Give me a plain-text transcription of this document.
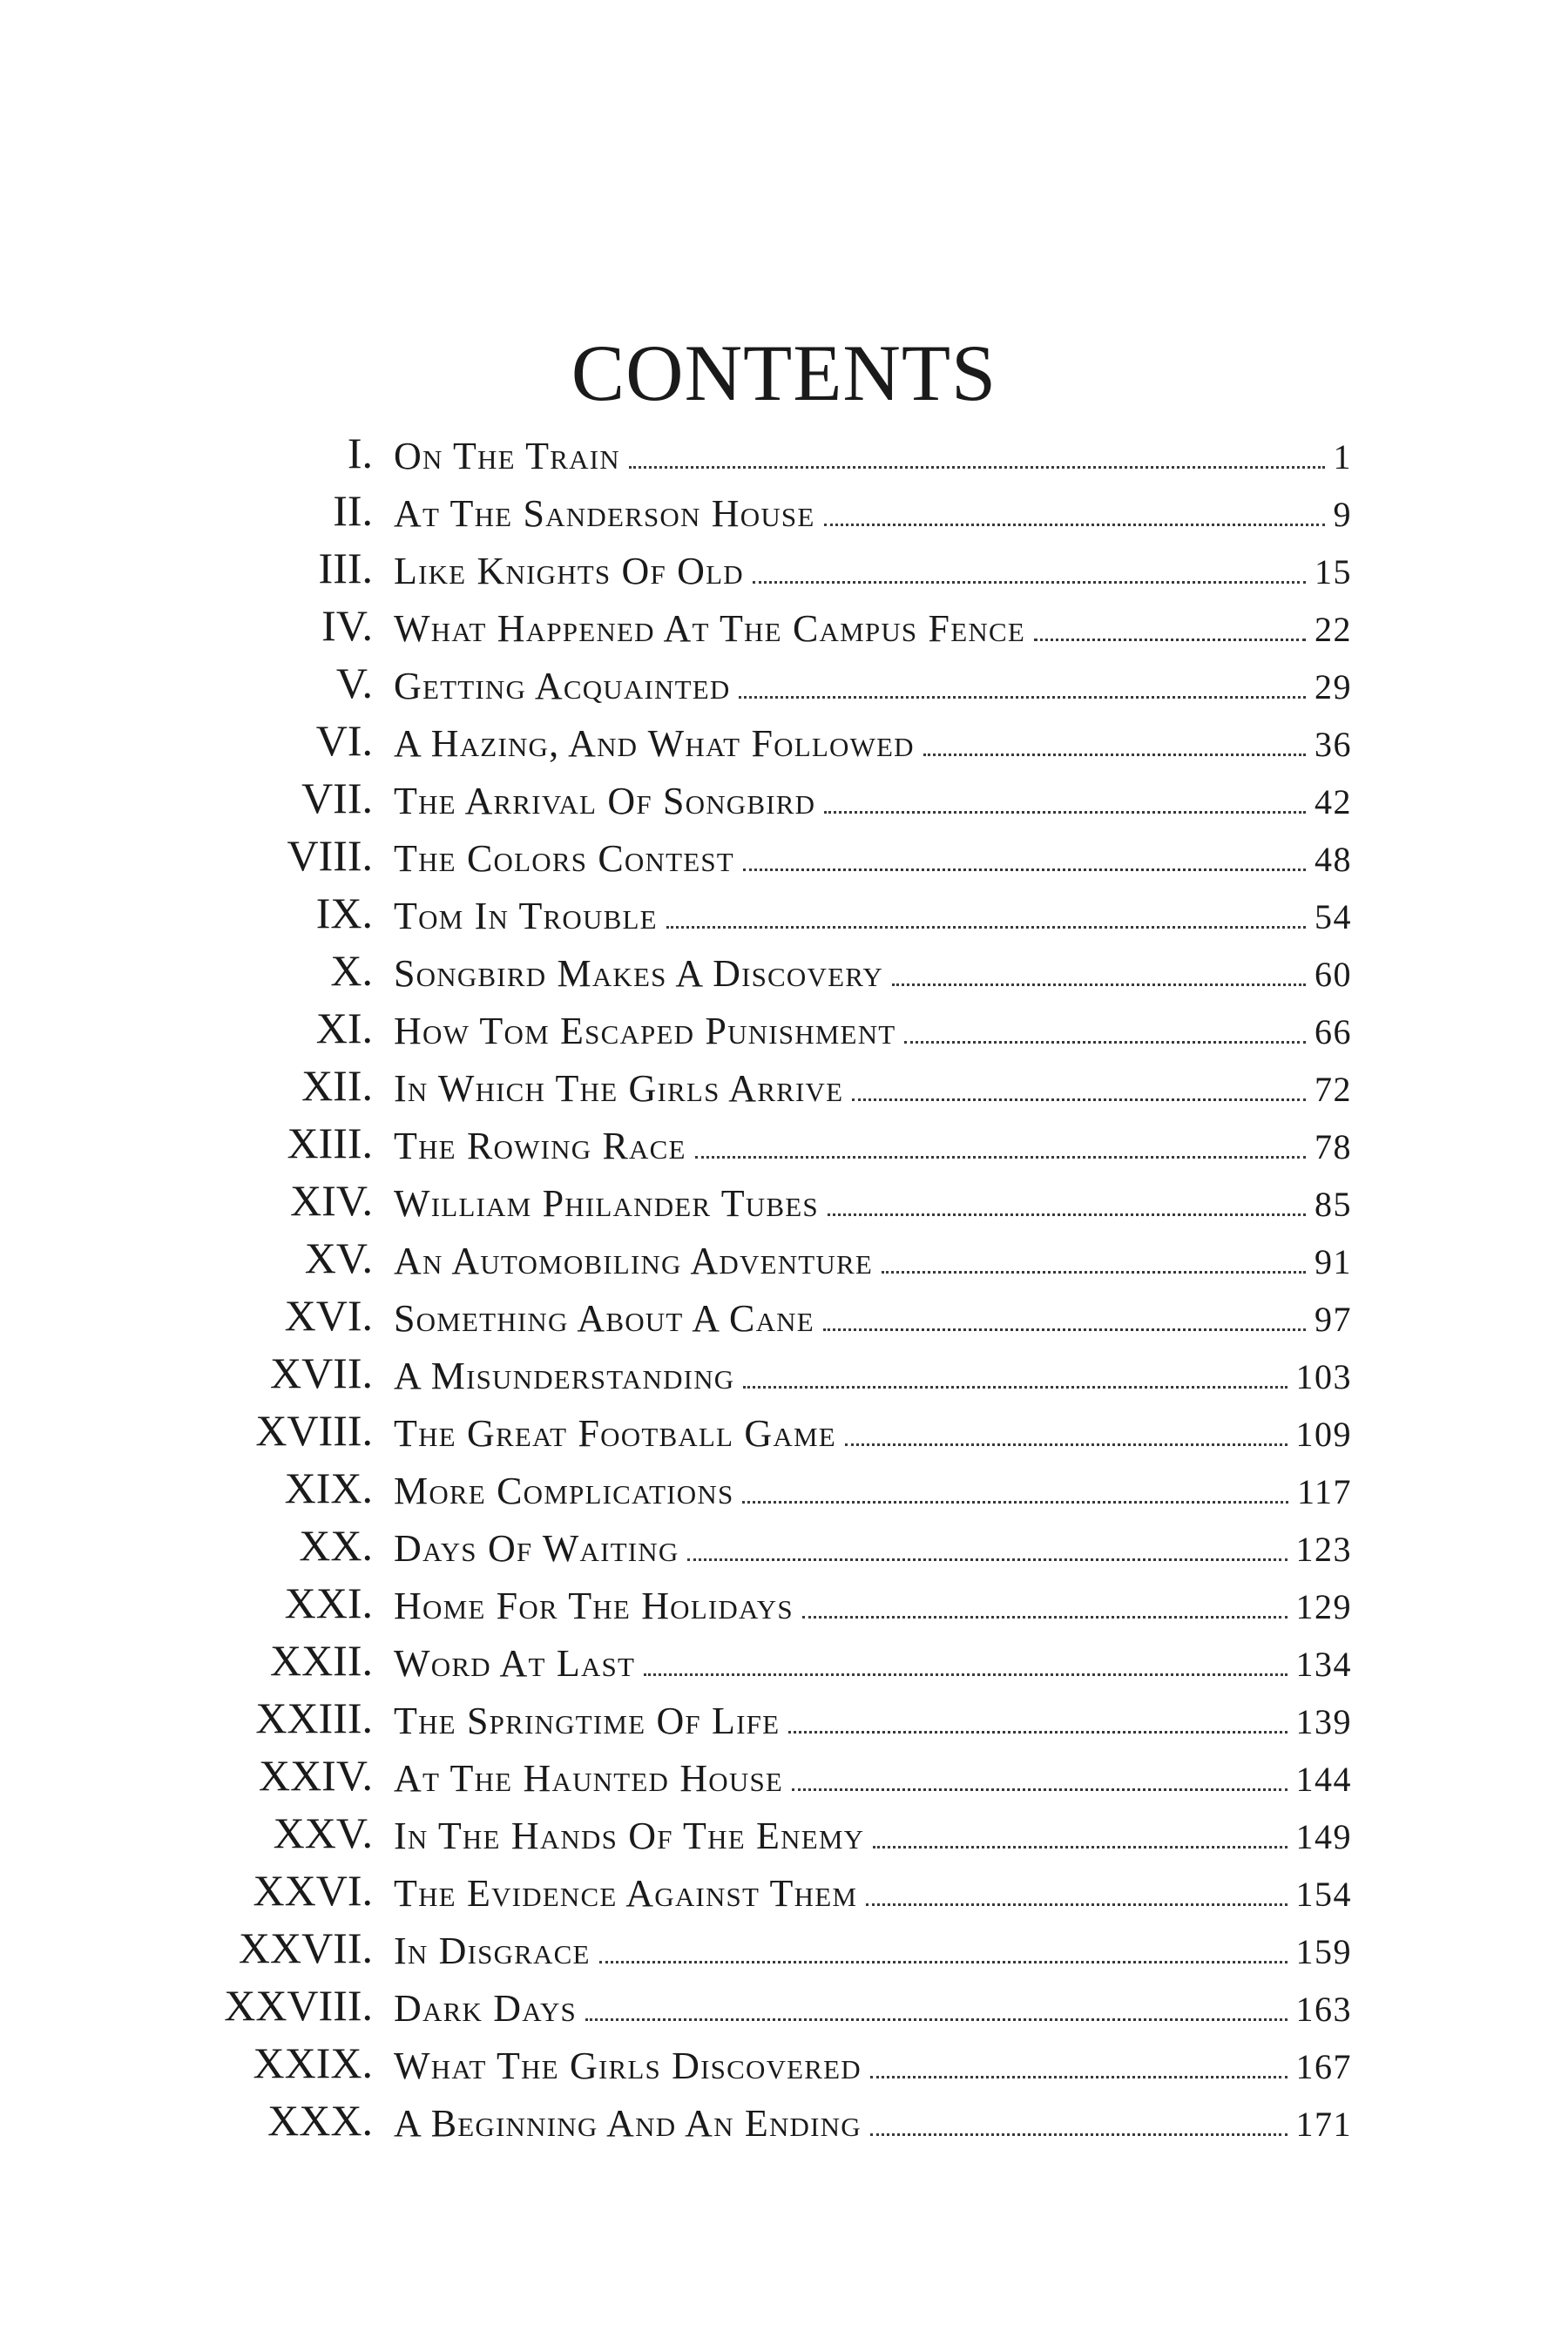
CONTENTS
I. On The Train	1
II. At The Sanderson House	9
III. Like Knights Of Old	15
IV. What Happened At The Campus Fence	22
V. Getting Acquainted	29
VI. A Hazing, And What Followed	36
VII. The Arrival Of Songbird	42
VIII. The Colors Contest	48
IX. Tom In Trouble	54
X. Songbird Makes A Discovery	60
XI. How Tom Escaped Punishment	66
XII. In Which The Girls Arrive	72
XIII. The Rowing Race	78
XIV. William Philander Tubes	85
XV. An Automobiling Adventure	91
XVI. Something About A Cane	97
XVII. A Misunderstanding	103
XVIII. The Great Football Game	109
XIX. More Complications	117
XX. Days Of Waiting	123
XXI. Home For The Holidays	129
XXII. Word At Last	134
XXIII. The Springtime Of Life	139
XXIV. At The Haunted House	144
XXV. In The Hands Of The Enemy	149
XXVI. The Evidence Against Them	154
XXVII. In Disgrace	159
XXVIII. Dark Days	163
XXIX. What The Girls Discovered	167
XXX. A Beginning And An Ending	171
